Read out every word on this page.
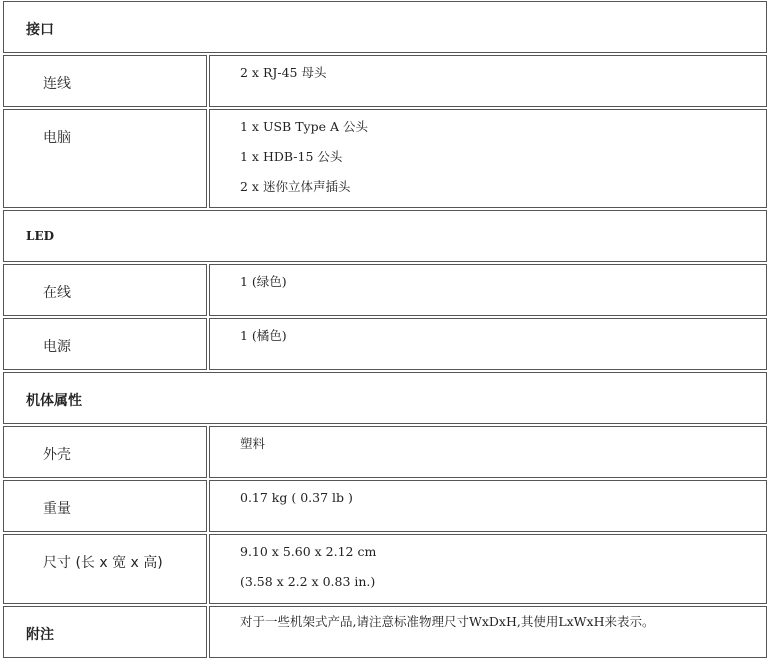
接口
连线
2 x RJ-45 母头
电脑
1 x USB Type A 公头
1 x HDB-15 公头
2 x 迷你立体声插头
LED
在线
1 (绿色)
电源
1 (橘色)
机体属性
外壳
塑料
重量
0.17 kg ( 0.37 lb )
尺寸 (长 x 宽 x 高)
9.10 x 5.60 x 2.12 cm
(3.58 x 2.2 x 0.83 in.)
附注
对于一些机架式产品,请注意标准物理尺寸WxDxH,其使用LxWxH来表示。
